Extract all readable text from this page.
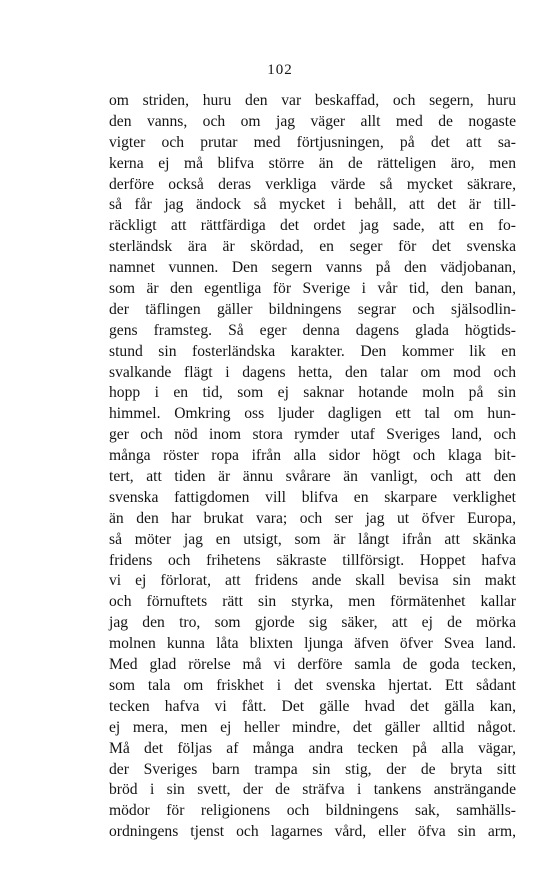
102
om striden, huru den var beskaffad, och segern, huru
den vanns, och om jag väger allt med de nogaste
vigter och prutar med förtjusningen, på det att sa-
kerna ej må blifva större än de rätteligen äro, men
derföre också deras verkliga värde så mycket säkrare,
så får jag ändock så mycket i behåll, att det är till-
räckligt att rättfärdiga det ordet jag sade, att en fo-
sterländsk ära är skördad, en seger för det svenska
namnet vunnen. Den segern vanns på den vädjobanan,
som är den egentliga för Sverige i vår tid, den banan,
der täflingen gäller bildningens segrar och själsodlin-
gens framsteg. Så eger denna dagens glada högtids-
stund sin fosterländska karakter. Den kommer lik en
svalkande flägt i dagens hetta, den talar om mod och
hopp i en tid, som ej saknar hotande moln på sin
himmel. Omkring oss ljuder dagligen ett tal om hun-
ger och nöd inom stora rymder utaf Sveriges land, och
många röster ropa ifrån alla sidor högt och klaga bit-
tert, att tiden är ännu svårare än vanligt, och att den
svenska fattigdomen vill blifva en skarpare verklighet
än den har brukat vara; och ser jag ut öfver Europa,
så möter jag en utsigt, som är långt ifrån att skänka
fridens och frihetens säkraste tillförsigt. Hoppet hafva
vi ej förlorat, att fridens ande skall bevisa sin makt
och förnuftets rätt sin styrka, men förmätenhet kallar
jag den tro, som gjorde sig säker, att ej de mörka
molnen kunna låta blixten ljunga äfven öfver Svea land.
Med glad rörelse må vi derföre samla de goda tecken,
som tala om friskhet i det svenska hjertat. Ett sådant
tecken hafva vi fått. Det gälle hvad det gälla kan,
ej mera, men ej heller mindre, det gäller alltid något.
Må det följas af många andra tecken på alla vägar,
der Sveriges barn trampa sin stig, der de bryta sitt
bröd i sin svett, der de sträfva i tankens ansträngande
mödor för religionens och bildningens sak, samhälls-
ordningens tjenst och lagarnes vård, eller öfva sin arm,
